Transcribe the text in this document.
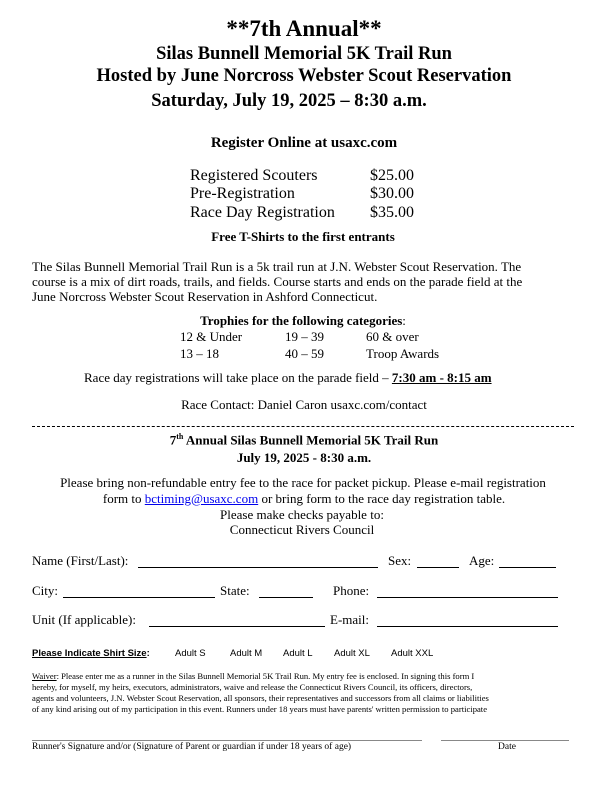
**7th Annual**
Silas Bunnell Memorial 5K Trail Run
Hosted by June Norcross Webster Scout Reservation
Saturday, July 19, 2025 – 8:30 a.m.
Register Online at usaxc.com
Registered Scouters	$25.00
Pre-Registration	$30.00
Race Day Registration $35.00
Free T-Shirts to the first entrants
The Silas Bunnell Memorial Trail Run is a 5k trail run at J.N. Webster Scout Reservation. The
course is a mix of dirt roads, trails, and fields. Course starts and ends on the parade field at the
June Norcross Webster Scout Reservation in Ashford Connecticut.
Trophies for the following categories:
12 & Under	19 – 39	60 & over
13 – 18	40 – 59	Troop Awards
Race day registrations will take place on the parade field – 7:30 am - 8:15 am
Race Contact: Daniel Caron usaxc.com/contact
7th Annual Silas Bunnell Memorial 5K Trail Run
July 19, 2025 - 8:30 a.m.
Please bring non-refundable entry fee to the race for packet pickup. Please e-mail registration
form to bctiming@usaxc.com or bring form to the race day registration table.
Please make checks payable to:
Connecticut Rivers Council
Name (First/Last):	Sex:	Age:
City:	State:	Phone:
Unit (If applicable):	E-mail:
Please Indicate Shirt Size:	Adult S	Adult M Adult L Adult XL Adult XXL
Waiver: Please enter me as a runner in the Silas Bunnell Memorial 5K Trail Run. My entry fee is enclosed. In signing this form I
hereby, for myself, my heirs, executors, administrators, waive and release the Connecticut Rivers Council, its officers, directors,
agents and volunteers, J.N. Webster Scout Reservation, all sponsors, their representatives and successors from all claims or liabilities
of any kind arising out of my participation in this event. Runners under 18 years must have parents' written permission to participate
Runner's Signature and/or (Signature of Parent or guardian if under 18 years of age)	Date
